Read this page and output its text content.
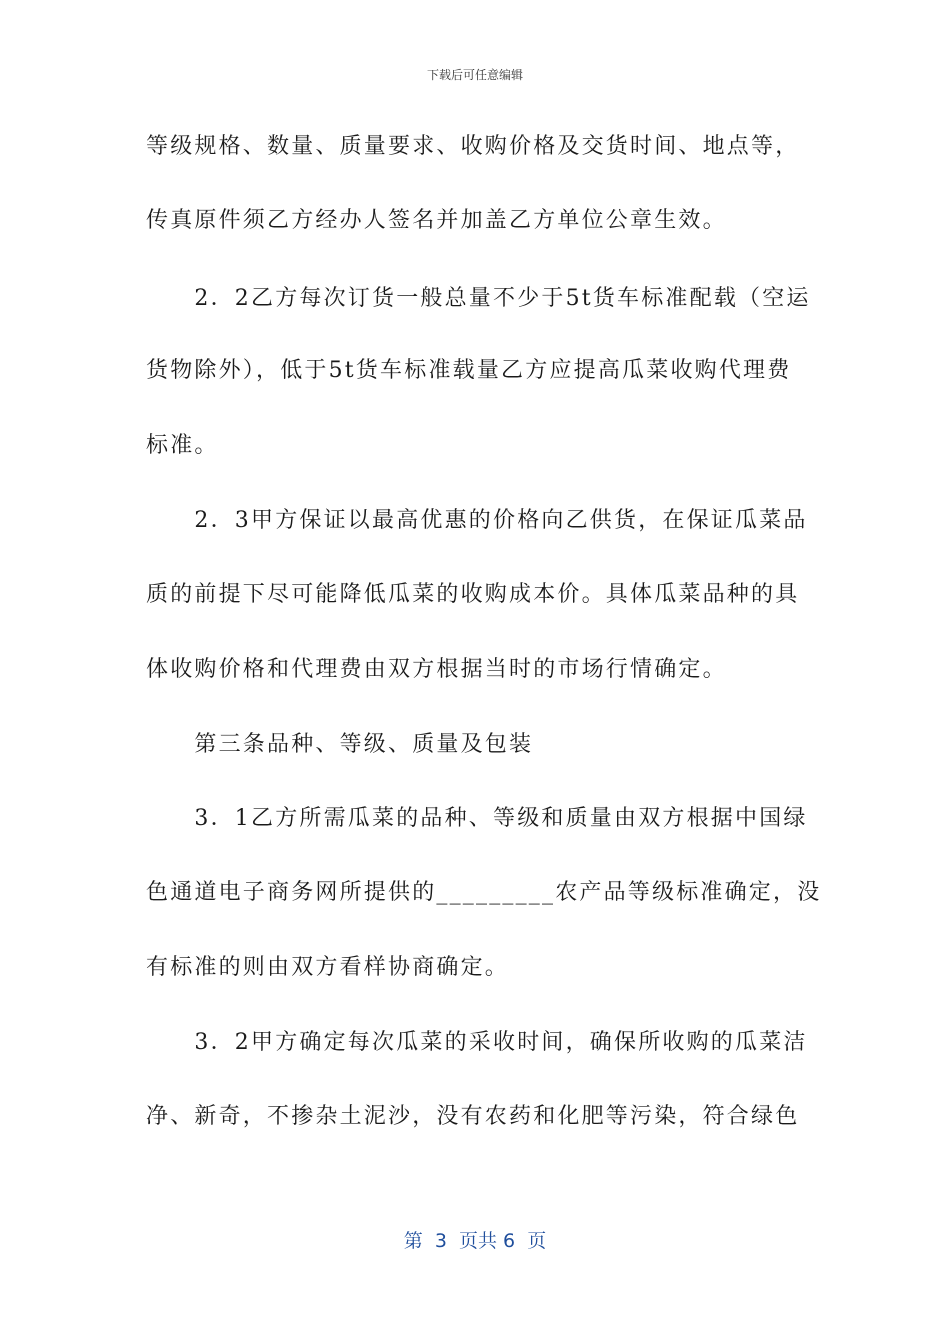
下载后可任意编辑
等级规格、数量、质量要求、收购价格及交货时间、地点等，
传真原件须乙方经办人签名并加盖乙方单位公章生效。
　　2．2乙方每次订货一般总量不少于5t货车标准配载（空运
货物除外），低于5t货车标准载量乙方应提高瓜菜收购代理费
标准。
　　2．3甲方保证以最高优惠的价格向乙供货，在保证瓜菜品
质的前提下尽可能降低瓜菜的收购成本价。具体瓜菜品种的具
体收购价格和代理费由双方根据当时的市场行情确定。
　　第三条品种、等级、质量及包装
　　3．1乙方所需瓜菜的品种、等级和质量由双方根据中国绿
色通道电子商务网所提供的_________农产品等级标准确定，没
有标准的则由双方看样协商确定。
　　3．2甲方确定每次瓜菜的采收时间，确保所收购的瓜菜洁
净、新奇，不掺杂土泥沙，没有农药和化肥等污染，符合绿色
第  3  页共 6  页
